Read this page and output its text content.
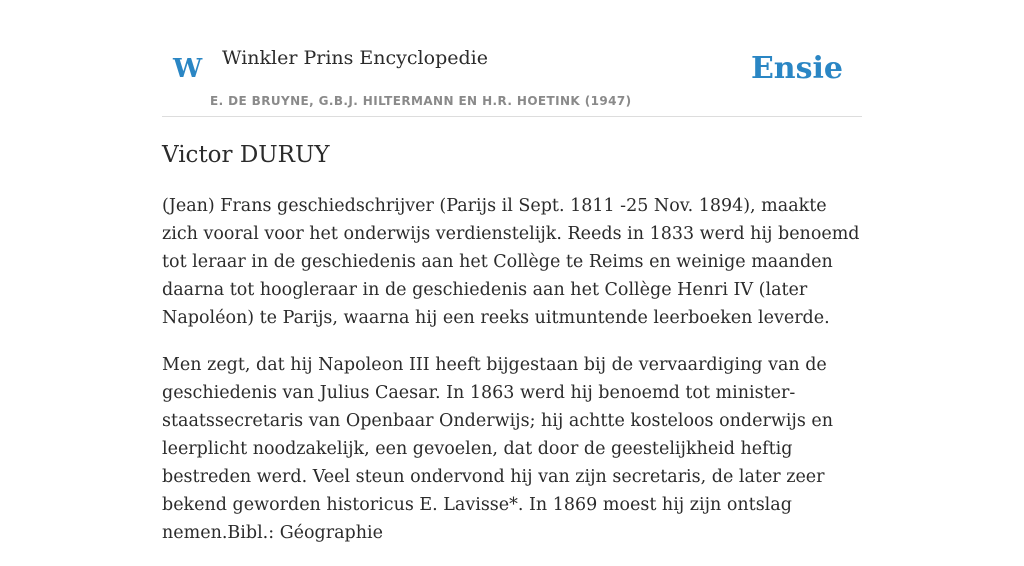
W Winkler Prins Encyclopedie
E. DE BRUYNE, G.B.J. HILTERMANN EN H.R. HOETINK (1947)
Ensie
Victor DURUY

(Jean) Frans geschiedschrijver (Parijs il Sept. 1811 -25 Nov. 1894), maakte zich vooral voor het onderwijs verdienstelijk. Reeds in 1833 werd hij benoemd tot leraar in de geschiedenis aan het Collège te Reims en weinige maanden daarna tot hoogleraar in de geschiedenis aan het Collège Henri IV (later Napoléon) te Parijs, waarna hij een reeks uitmuntende leerboeken leverde.

Men zegt, dat hij Napoleon III heeft bijgestaan bij de vervaardiging van de geschiedenis van Julius Caesar. In 1863 werd hij benoemd tot minister-staatssecretaris van Openbaar Onderwijs; hij achtte kosteloos onderwijs en leerplicht noodzakelijk, een gevoelen, dat door de geestelijkheid heftig bestreden werd. Veel steun ondervond hij van zijn secretaris, de later zeer bekend geworden historicus E. Lavisse*. In 1869 moest hij zijn ontslag nemen.Bibl.: Géographie
